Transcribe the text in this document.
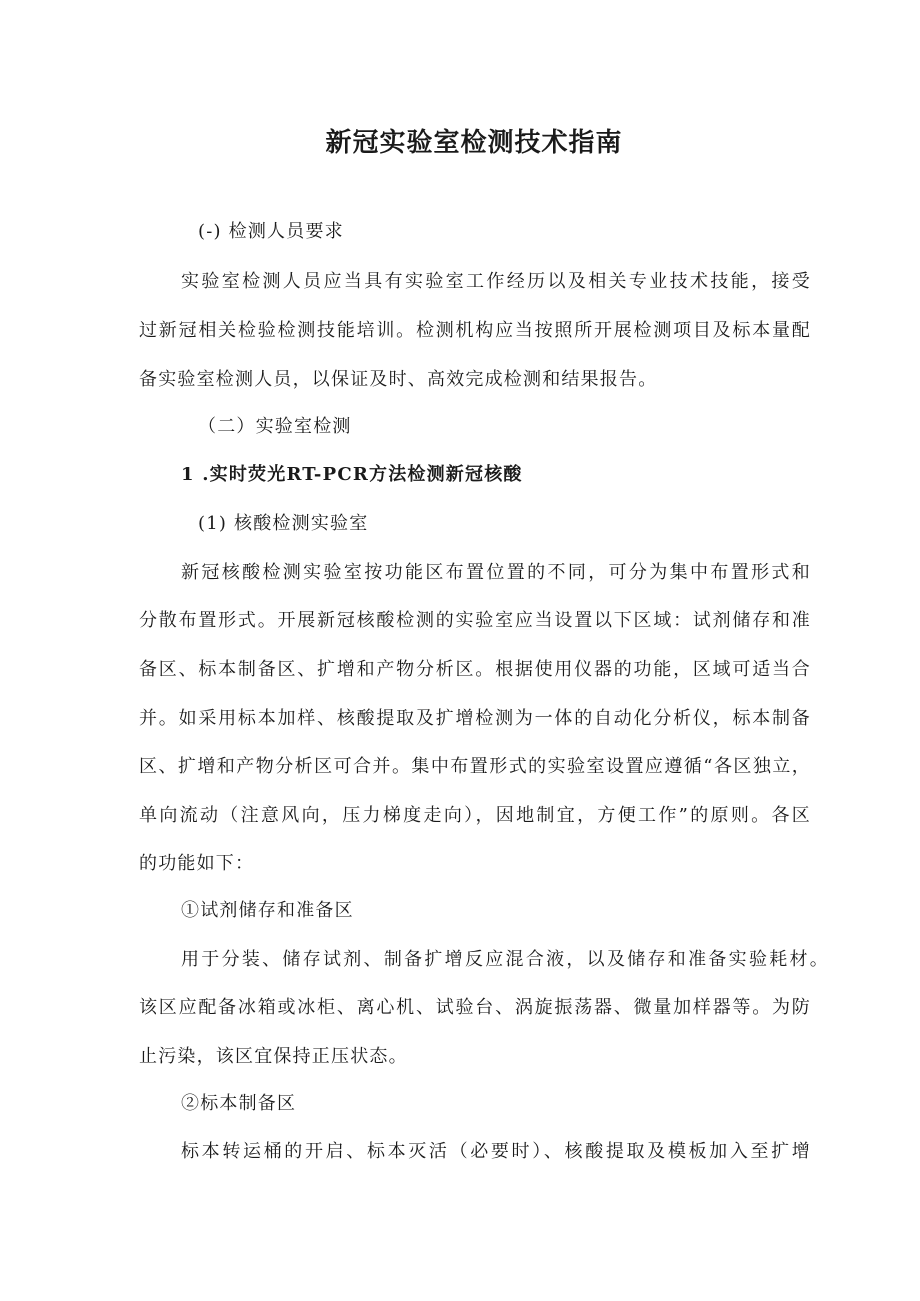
新冠实验室检测技术指南

(-) 检测人员要求

实验室检测人员应当具有实验室工作经历以及相关专业技术技能，接受

过新冠相关检验检测技能培训。检测机构应当按照所开展检测项目及标本量配

备实验室检测人员，以保证及时、高效完成检测和结果报告。

（二）实验室检测

1 .实时荧光RT-PCR方法检测新冠核酸

(1) 核酸检测实验室

新冠核酸检测实验室按功能区布置位置的不同，可分为集中布置形式和

分散布置形式。开展新冠核酸检测的实验室应当设置以下区域：试剂储存和准

备区、标本制备区、扩增和产物分析区。根据使用仪器的功能，区域可适当合

并。如采用标本加样、核酸提取及扩增检测为一体的自动化分析仪，标本制备

区、扩增和产物分析区可合并。集中布置形式的实验室设置应遵循“各区独立，

单向流动（注意风向，压力梯度走向），因地制宜，方便工作”的原则。各区

的功能如下：

①试剂储存和准备区

用于分装、储存试剂、制备扩增反应混合液，以及储存和准备实验耗材。

该区应配备冰箱或冰柜、离心机、试验台、涡旋振荡器、微量加样器等。为防

止污染，该区宜保持正压状态。

②标本制备区

标本转运桶的开启、标本灭活（必要时）、核酸提取及模板加入至扩增
